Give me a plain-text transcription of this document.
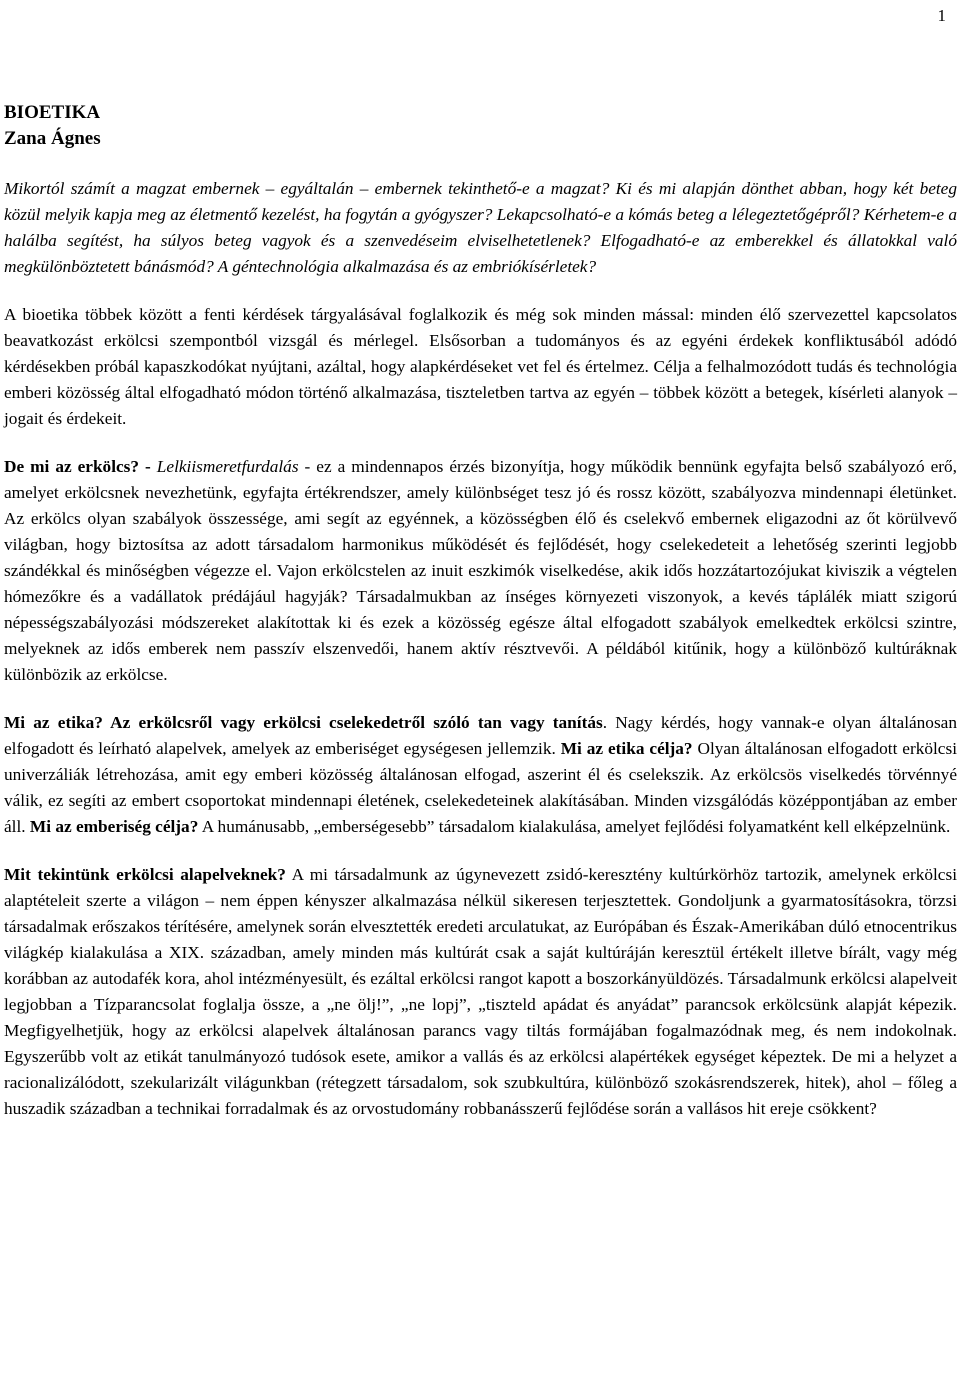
1
BIOETIKA
Zana Ágnes

Mikortól számít a magzat embernek – egyáltalán – embernek tekinthető-e a magzat? Ki és mi alapján dönthet abban, hogy két beteg közül melyik kapja meg az életmentő kezelést, ha fogytán a gyógyszer? Lekapcsolható-e a kómás beteg a lélegeztetőgépről? Kérhetem-e a halálba segítést, ha súlyos beteg vagyok és a szenvedéseim elviselhetetlenek? Elfogadható-e az emberekkel és állatokkal való megkülönböztetett bánásmód? A géntechnológia alkalmazása és az embriókísérletek?

A bioetika többek között a fenti kérdések tárgyalásával foglalkozik és még sok minden mással: minden élő szervezettel kapcsolatos beavatkozást erkölcsi szempontból vizsgál és mérlegel. Elsősorban a tudományos és az egyéni érdekek konfliktusából adódó kérdésekben próbál kapaszkodókat nyújtani, azáltal, hogy alapkérdéseket vet fel és értelmez. Célja a felhalmozódott tudás és technológia emberi közösség által elfogadható módon történő alkalmazása, tiszteletben tartva az egyén – többek között a betegek, kísérleti alanyok – jogait és érdekeit.

De mi az erkölcs? - Lelkiismeretfurdalás - ez a mindennapos érzés bizonyítja, hogy működik bennünk egyfajta belső szabályozó erő, amelyet erkölcsnek nevezhetünk, egyfajta értékrendszer, amely különbséget tesz jó és rossz között, szabályozva mindennapi életünket. Az erkölcs olyan szabályok összessége, ami segít az egyénnek, a közösségben élő és cselekvő embernek eligazodni az őt körülvevő világban, hogy biztosítsa az adott társadalom harmonikus működését és fejlődését, hogy cselekedeteit a lehetőség szerinti legjobb szándékkal és minőségben végezze el. Vajon erkölcstelen az inuit eszkimók viselkedése, akik idős hozzátartozójukat kiviszik a végtelen hómezőkre és a vadállatok prédájául hagyják? Társadalmukban az ínséges környezeti viszonyok, a kevés táplálék miatt szigorú népességszabályozási módszereket alakítottak ki és ezek a közösség egésze által elfogadott szabályok emelkedtek erkölcsi szintre, melyeknek az idős emberek nem passzív elszenvedői, hanem aktív résztvevői. A példából kitűnik, hogy a különböző kultúráknak különbözik az erkölcse.

Mi az etika? Az erkölcsről vagy erkölcsi cselekedetről szóló tan vagy tanítás. Nagy kérdés, hogy vannak-e olyan általánosan elfogadott és leírható alapelvek, amelyek az emberiséget egységesen jellemzik. Mi az etika célja? Olyan általánosan elfogadott erkölcsi univerzáliák létrehozása, amit egy emberi közösség általánosan elfogad, aszerint él és cselekszik. Az erkölcsös viselkedés törvénnyé válik, ez segíti az embert csoportokat mindennapi életének, cselekedeteinek alakításában. Minden vizsgálódás középpontjában az ember áll. Mi az emberiség célja? A humánusabb, „emberségesebb” társadalom kialakulása, amelyet fejlődési folyamatként kell elképzelnünk.

Mit tekintünk erkölcsi alapelveknek? A mi társadalmunk az úgynevezett zsidó-keresztény kultúrkörhöz tartozik, amelynek erkölcsi alaptételeit szerte a világon – nem éppen kényszer alkalmazása nélkül sikeresen terjesztettek. Gondoljunk a gyarmatosításokra, törzsi társadalmak erőszakos térítésére, amelynek során elvesztették eredeti arculatukat, az Európában és Észak-Amerikában dúló etnocentrikus világkép kialakulása a XIX. században, amely minden más kultúrát csak a saját kultúráján keresztül értékelt illetve bírált, vagy még korábban az autodafék kora, ahol intézményesült, és ezáltal erkölcsi rangot kapott a boszorkányüldözés. Társadalmunk erkölcsi alapelveit legjobban a Tízparancsolat foglalja össze, a „ne ölj!”, „ne lopj”, „tiszteld apádat és anyádat” parancsok erkölcsünk alapját képezik. Megfigyelhetjük, hogy az erkölcsi alapelvek általánosan parancs vagy tiltás formájában fogalmazódnak meg, és nem indokolnak. Egyszerűbb volt az etikát tanulmányozó tudósok esete, amikor a vallás és az erkölcsi alapértékek egységet képeztek. De mi a helyzet a racionalizálódott, szekularizált világunkban (rétegzett társadalom, sok szubkultúra, különböző szokásrendszerek, hitek), ahol – főleg a huszadik században a technikai forradalmak és az orvostudomány robbanásszerű fejlődése során a vallásos hit ereje csökkent?
